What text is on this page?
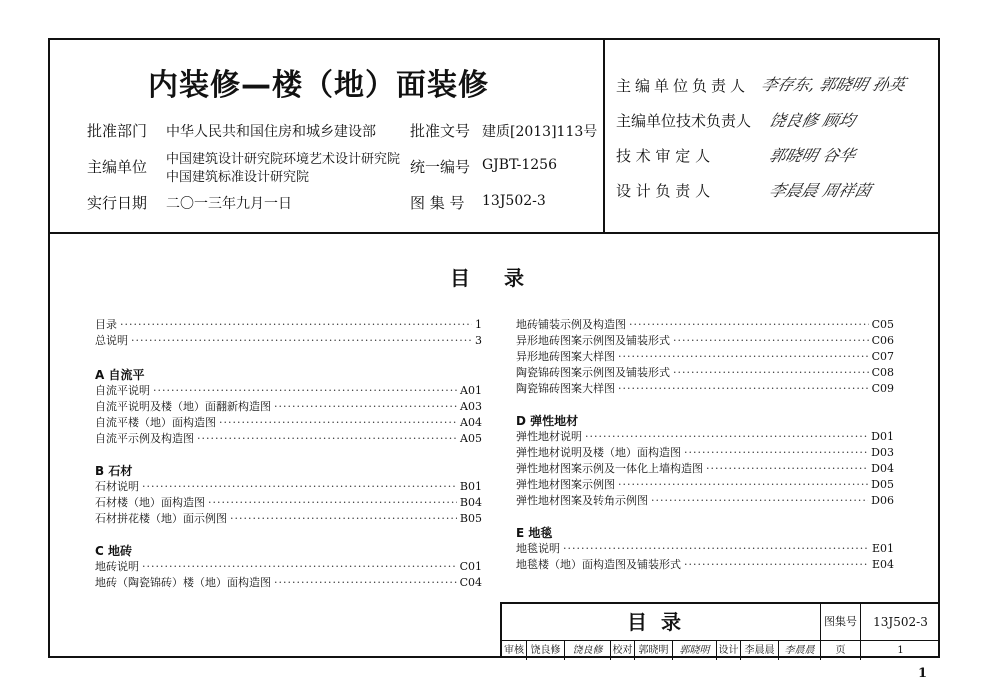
内装修—楼（地）面装修
批准部门 中华人民共和国住房和城乡建设部 批准文号 建质[2013]113号
主编单位 中国建筑设计研究院环境艺术设计研究院
中国建筑标准设计研究院
统一编号 GJBT-1256
实行日期 二〇一三年九月一日	图 集 号 13J502-3
主编单位负责人 李存东, 郭晓明 孙英
主编单位技术负责人 饶良修 顾均
技 术 审 定 人	郭晓明 谷华
设 计 负 责 人	李晨晨 周祥茵
目录
目录 ·····	1
总说明 ·····	3
A 自流平
自流平说明 ·····	A01
自流平说明及楼（地）面翻新构造图 ·····	A03
自流平楼（地）面构造图 ·····	A04
自流平示例及构造图 ·····	A05
B 石材
石材说明 ·····	B01
石材楼（地）面构造图 ·····	B04
石材拼花楼（地）面示例图 ·····	B05
C 地砖
地砖说明 ·····	C01
地砖（陶瓷锦砖）楼（地）面构造图 ·····	C04
地砖铺装示例及构造图 ·····	C05
异形地砖图案示例图及铺装形式 ·····	C06
异形地砖图案大样图 ·····	C07
陶瓷锦砖图案示例图及铺装形式 ·····	C08
陶瓷锦砖图案大样图 ·····	C09
D 弹性地材
弹性地材说明 ·····	D01
弹性地材说明及楼（地）面构造图 ·····	D03
弹性地材图案示例及一体化上墙构造图 ·····	D04
弹性地材图案示例图 ·····	D05
弹性地材图案及转角示例图 ·····	D06
E 地毯
地毯说明 ·····	E01
地毯楼（地）面构造图及铺装形式 ·····	E04
目录	图集号	13J502-3
审核 饶良修	饶良修	校对 郭晓明	郭晓明 设计 李晨晨	李晨晨	页	1
1
